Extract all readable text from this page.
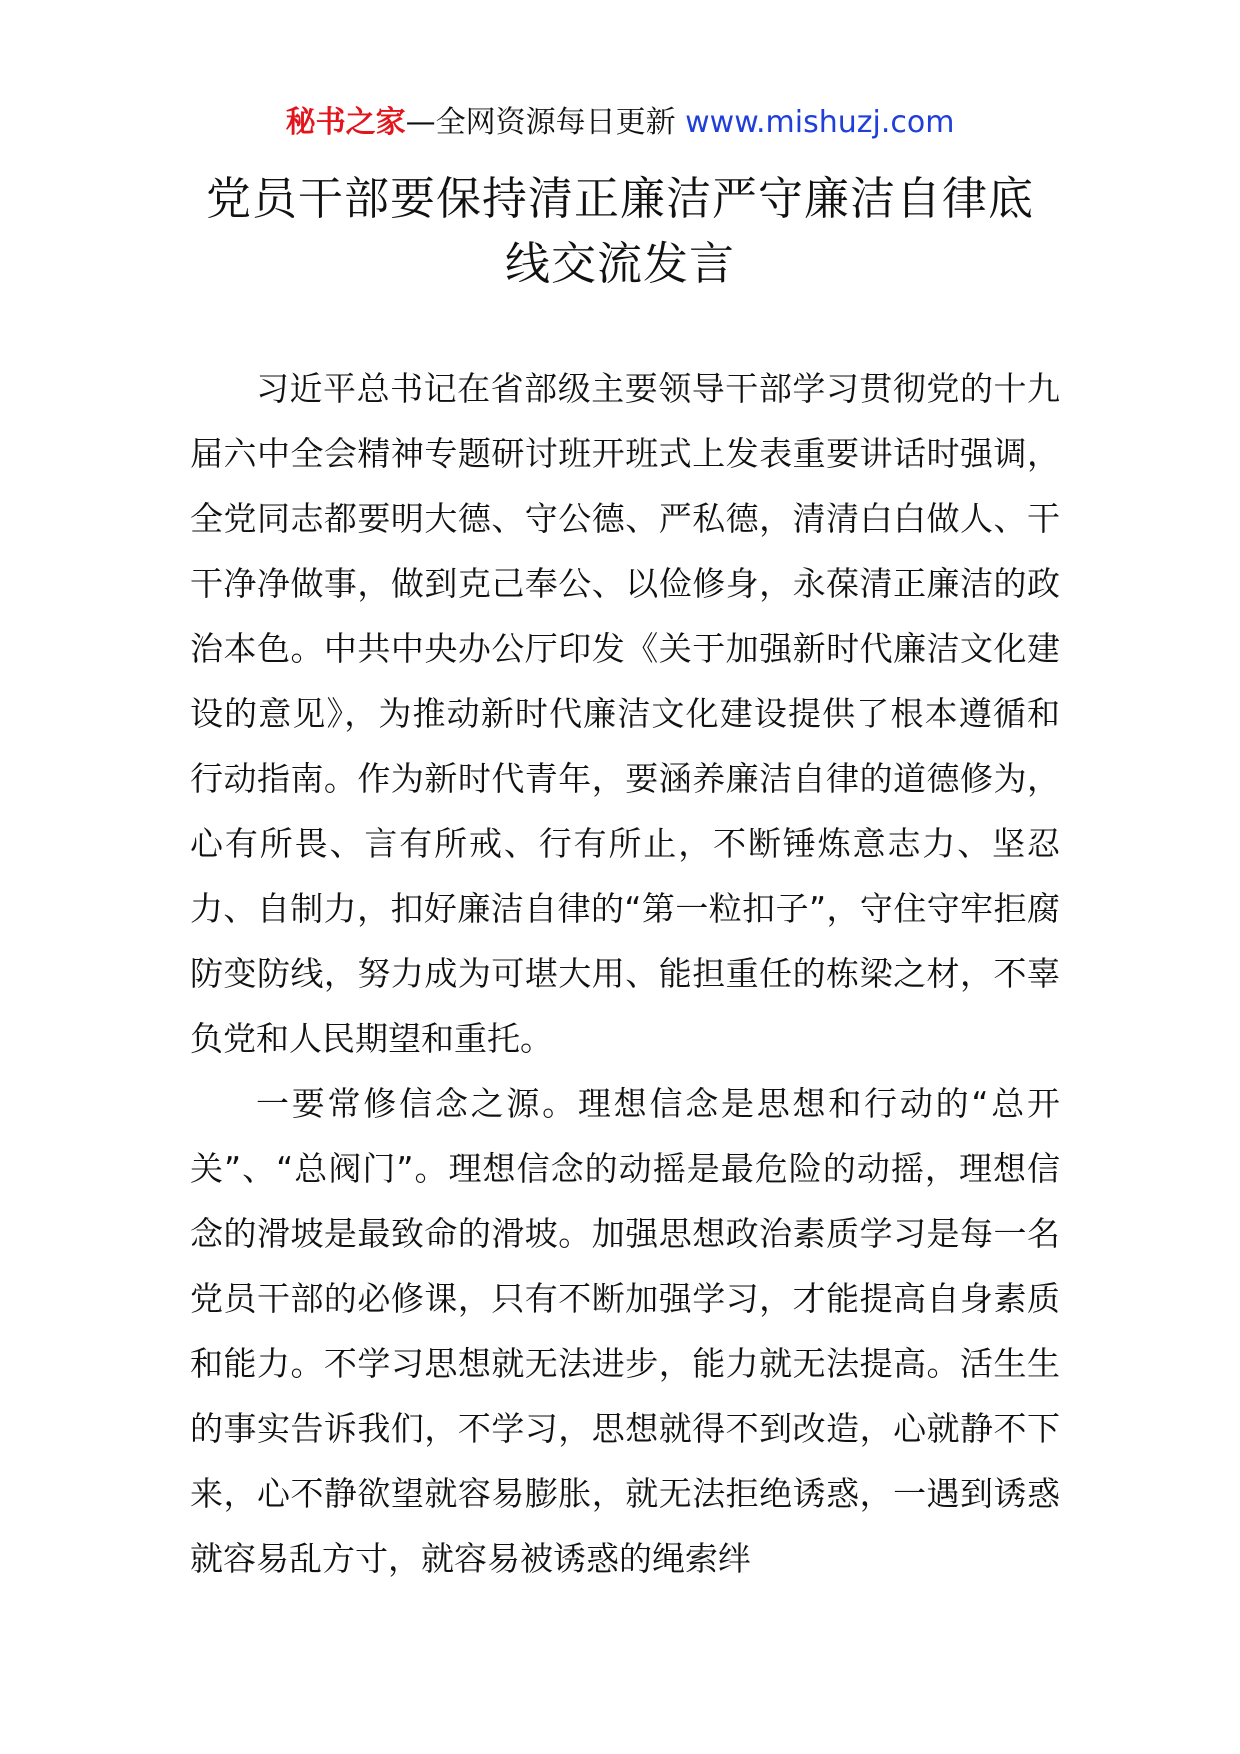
秘书之家—全网资源每日更新 www.mishuzj.com
党员干部要保持清正廉洁严守廉洁自律底
线交流发言

习近平总书记在省部级主要领导干部学习贯彻党的十九届六中全会精神专题研讨班开班式上发表重要讲话时强调，全党同志都要明大德、守公德、严私德，清清白白做人、干干净净做事，做到克己奉公、以俭修身，永葆清正廉洁的政治本色。中共中央办公厅印发《关于加强新时代廉洁文化建设的意见》，为推动新时代廉洁文化建设提供了根本遵循和行动指南。作为新时代青年，要涵养廉洁自律的道德修为，心有所畏、言有所戒、行有所止，不断锤炼意志力、坚忍力、自制力，扣好廉洁自律的“第一粒扣子”，守住守牢拒腐防变防线，努力成为可堪大用、能担重任的栋梁之材，不辜负党和人民期望和重托。

一要常修信念之源。理想信念是思想和行动的“总开关”、“总阀门”。理想信念的动摇是最危险的动摇，理想信念的滑坡是最致命的滑坡。加强思想政治素质学习是每一名党员干部的必修课，只有不断加强学习，才能提高自身素质和能力。不学习思想就无法进步，能力就无法提高。活生生的事实告诉我们，不学习，思想就得不到改造，心就静不下来，心不静欲望就容易膨胀，就无法拒绝诱惑，一遇到诱惑就容易乱方寸，就容易被诱惑的绳索绊
